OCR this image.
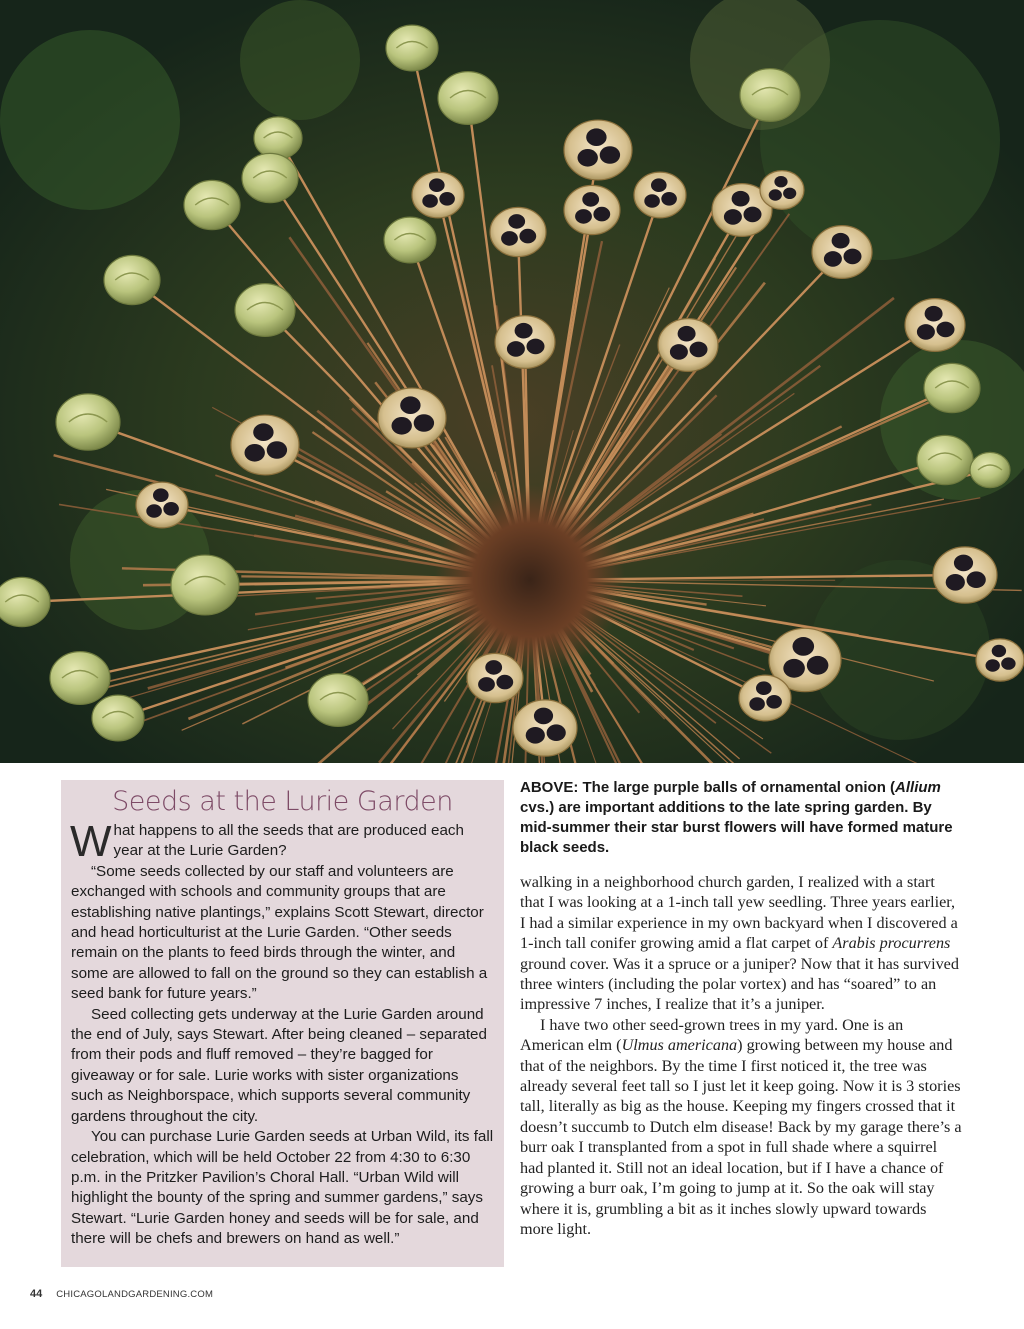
Seeds at the Lurie Garden

What happens to all the seeds that are produced each year at the Lurie Garden?

“Some seeds collected by our staff and volunteers are exchanged with schools and community groups that are establishing native plantings,” explains Scott Stewart, director and head horticulturist at the Lurie Garden. “Other seeds remain on the plants to feed birds through the winter, and some are allowed to fall on the ground so they can establish a seed bank for future years.”

Seed collecting gets underway at the Lurie Garden around the end of July, says Stewart. After being cleaned – separated from their pods and fluff removed – they’re bagged for giveaway or for sale. Lurie works with sister organizations such as Neighborspace, which supports several community gardens throughout the city.

You can purchase Lurie Garden seeds at Urban Wild, its fall celebration, which will be held October 22 from 4:30 to 6:30 p.m. in the Pritzker Pavilion’s Choral Hall. “Urban Wild will highlight the bounty of the spring and summer gardens,” says Stewart. “Lurie Garden honey and seeds will be for sale, and there will be chefs and brewers on hand as well.”

ABOVE: The large purple balls of ornamental onion (Allium cvs.) are important additions to the late spring garden. By mid-summer their star burst flowers will have formed mature black seeds.

walking in a neighborhood church garden, I realized with a start that I was looking at a 1-inch tall yew seedling. Three years earlier, I had a similar experience in my own backyard when I discovered a 1-inch tall conifer growing amid a flat carpet of Arabis procurrens ground cover. Was it a spruce or a juniper? Now that it has survived three winters (including the polar vortex) and has “soared” to an impressive 7 inches, I realize that it’s a juniper.

I have two other seed-grown trees in my yard. One is an American elm (Ulmus americana) growing between my house and that of the neighbors. By the time I first noticed it, the tree was already several feet tall so I just let it keep going. Now it is 3 stories tall, literally as big as the house. Keeping my fingers crossed that it doesn’t succumb to Dutch elm disease! Back by my garage there’s a burr oak I transplanted from a spot in full shade where a squirrel had planted it. Still not an ideal location, but if I have a chance of growing a burr oak, I’m going to jump at it. So the oak will stay where it is, grumbling a bit as it inches slowly upward towards more light.

44 CHICAGOLANDGARDENING.COM
